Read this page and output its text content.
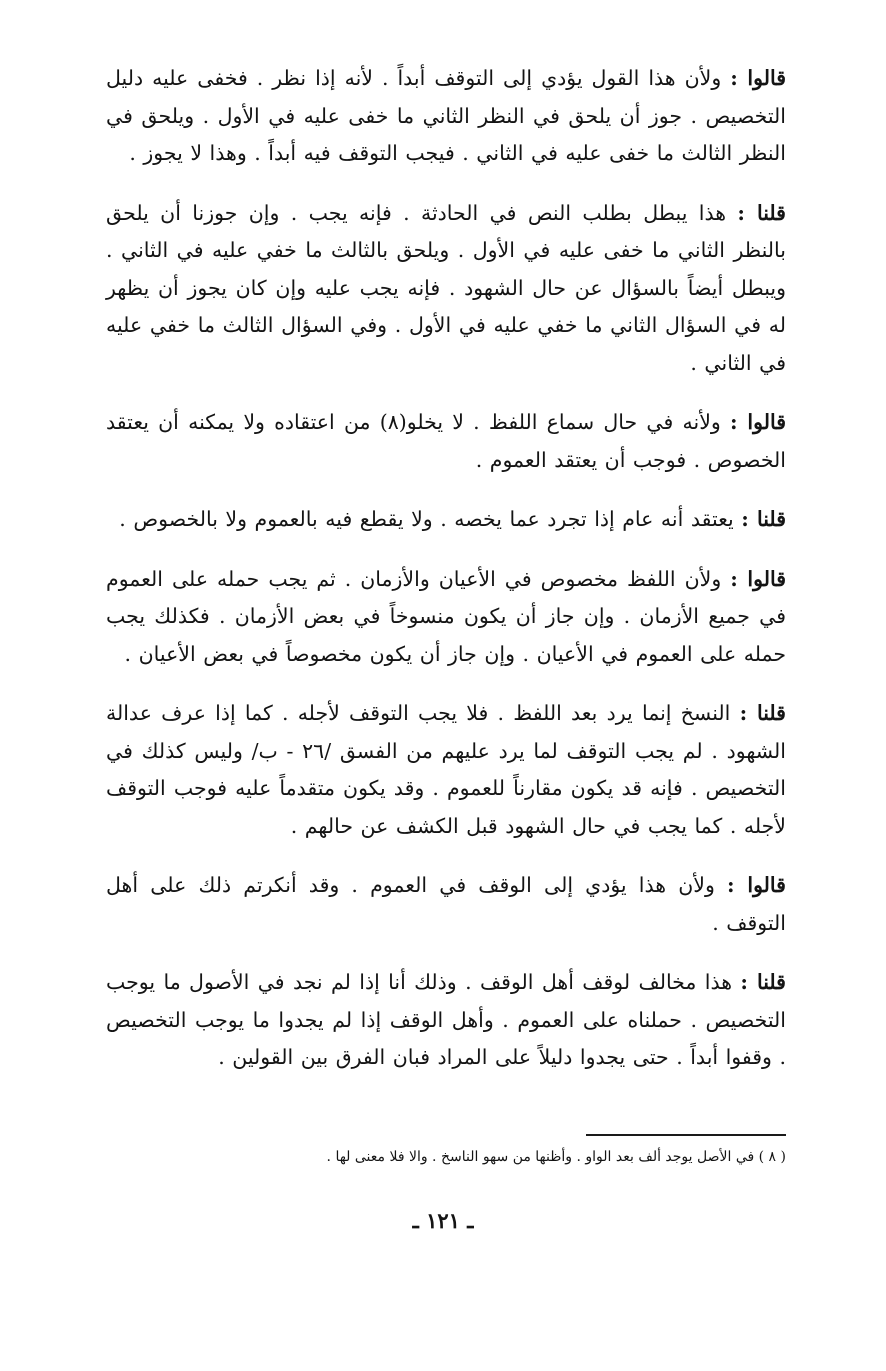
قالوا : ولأن هذا القول يؤدي إلى التوقف أبداً . لأنه إذا نظر . فخفى عليه دليل التخصيص . جوز أن يلحق في النظر الثاني ما خفى عليه في الأول . ويلحق في النظر الثالث ما خفى عليه في الثاني . فيجب التوقف فيه أبداً . وهذا لا يجوز .

قلنا : هذا يبطل بطلب النص في الحادثة . فإنه يجب . وإن جوزنا أن يلحق بالنظر الثاني ما خفى عليه في الأول . ويلحق بالثالث ما خفي عليه في الثاني . ويبطل أيضاً بالسؤال عن حال الشهود . فإنه يجب عليه وإن كان يجوز أن يظهر له في السؤال الثاني ما خفي عليه في الأول . وفي السؤال الثالث ما خفي عليه في الثاني .

قالوا : ولأنه في حال سماع اللفظ . لا يخلو(٨) من اعتقاده ولا يمكنه أن يعتقد الخصوص . فوجب أن يعتقد العموم .

قلنا : يعتقد أنه عام إذا تجرد عما يخصه . ولا يقطع فيه بالعموم ولا بالخصوص .

قالوا : ولأن اللفظ مخصوص في الأعيان والأزمان . ثم يجب حمله على العموم في جميع الأزمان . وإن جاز أن يكون منسوخاً في بعض الأزمان . فكذلك يجب حمله على العموم في الأعيان . وإن جاز أن يكون مخصوصاً في بعض الأعيان .

قلنا : النسخ إنما يرد بعد اللفظ . فلا يجب التوقف لأجله . كما إذا عرف عدالة الشهود . لم يجب التوقف لما يرد عليهم من الفسق /٢٦ - ب/ وليس كذلك في التخصيص . فإنه قد يكون مقارناً للعموم . وقد يكون متقدماً عليه فوجب التوقف لأجله . كما يجب في حال الشهود قبل الكشف عن حالهم .

قالوا : ولأن هذا يؤدي إلى الوقف في العموم . وقد أنكرتم ذلك على أهل التوقف .

قلنا : هذا مخالف لوقف أهل الوقف . وذلك أنا إذا لم نجد في الأصول ما يوجب التخصيص . حملناه على العموم . وأهل الوقف إذا لم يجدوا ما يوجب التخصيص . وقفوا أبداً . حتى يجدوا دليلاً على المراد فبان الفرق بين القولين .

( ٨ ) في الأصل يوجد ألف بعد الواو . وأظنها من سهو الناسخ . والا فلا معنى لها .
ـ ١٢١ ـ
